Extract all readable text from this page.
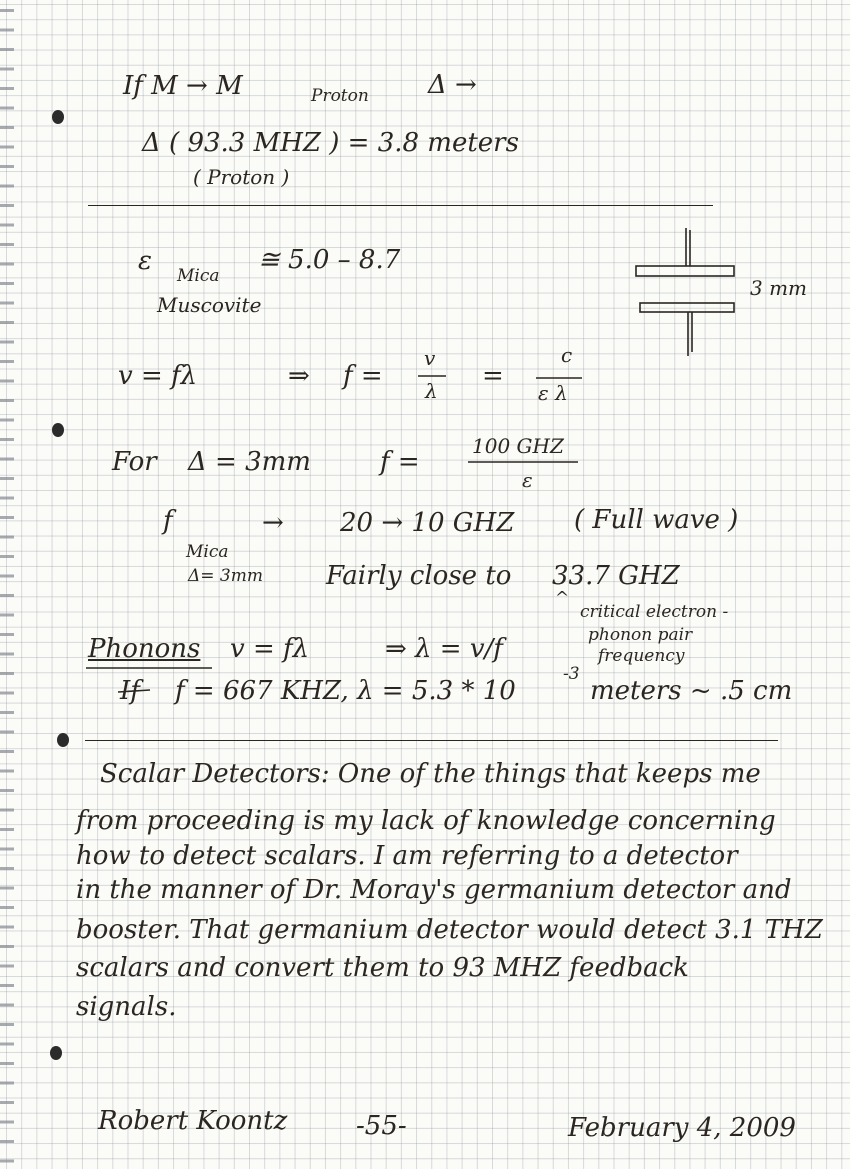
If M → M	Proton Δ →
Δ ( 93.3 MHZ ) = 3.8 meters
( Proton )
ε Mica
≅ 5.0 – 8.7
Muscovite
3 mm
v = fλ	⇒ f =
v
λ =
c
ε λ
For Δ = 3mm	f =
100 GHZ
ε
f	→ 20 → 10 GHZ ( Full wave )
Mica
Δ= 3mm Fairly close to 33.7 GHZ
^
critical electron -
phonon pair
frequency
Phonons v = fλ	⇒ λ = v/f
If f = 667 KHZ, λ = 5.3 * 10
-3
meters ~ .5 cm
Scalar Detectors: One of the things that keeps me
from proceeding is my lack of knowledge concerning
how to detect scalars. I am referring to a detector
in the manner of Dr. Moray's germanium detector and
booster. That germanium detector would detect 3.1 THZ
scalars and convert them to 93 MHZ feedback
signals.
Robert Koontz	-55-	February 4, 2009
